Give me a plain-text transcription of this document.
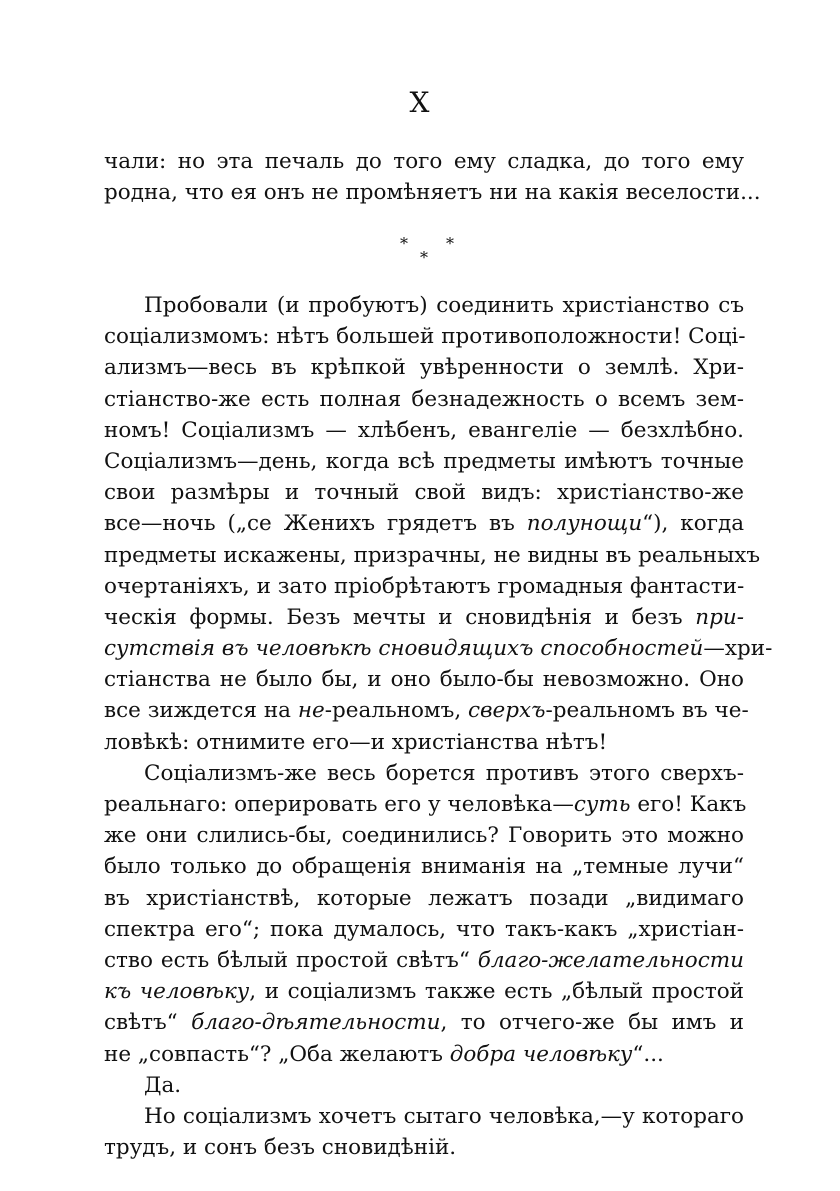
X
чали: но эта печаль до того ему сладка, до того ему
родна, что ея онъ не промѣняетъ ни на какія веселости...
* *
*
Пробовали (и пробуютъ) соединить христіанство съ
соціализмомъ: нѣтъ большей противоположности! Соці-
ализмъ—весь въ крѣпкой увѣренности о землѣ. Хри-
стіанство-же есть полная безнадежность о всемъ зем-
номъ! Соціализмъ — хлѣбенъ, евангеліе — безхлѣбно.
Соціализмъ—день, когда всѣ предметы имѣютъ точные
свои размѣры и точный свой видъ: христіанство-же
все—ночь („се Женихъ грядетъ въ полунощи“), когда
предметы искажены, призрачны, не видны въ реальныхъ
очертаніяхъ, и зато пріобрѣтаютъ громадныя фантасти-
ческія формы. Безъ мечты и сновидѣнія и безъ при-
сутствія въ человѣкѣ сновидящихъ способностей—хри-
стіанства не было бы, и оно было-бы невозможно. Оно
все зиждется на не-реальномъ, сверхъ-реальномъ въ че-
ловѣкѣ: отнимите его—и христіанства нѣтъ!
Соціализмъ-же весь борется противъ этого сверхъ-
реальнаго: оперировать его у человѣка—суть его! Какъ
же они слились-бы, соединились? Говорить это можно
было только до обращенія вниманія на „темные лучи“
въ христіанствѣ, которые лежатъ позади „видимаго
спектра его“; пока думалось, что такъ-какъ „христіан-
ство есть бѣлый простой свѣтъ“ благо-желательности
къ человѣку, и соціализмъ также есть „бѣлый простой
свѣтъ“ благо-дѣятельности, то отчего-же бы имъ и
не „совпасть“? „Оба желаютъ добра человѣку“...
Да.
Но соціализмъ хочетъ сытаго человѣка,—у котораго
трудъ, и сонъ безъ сновидѣній.
